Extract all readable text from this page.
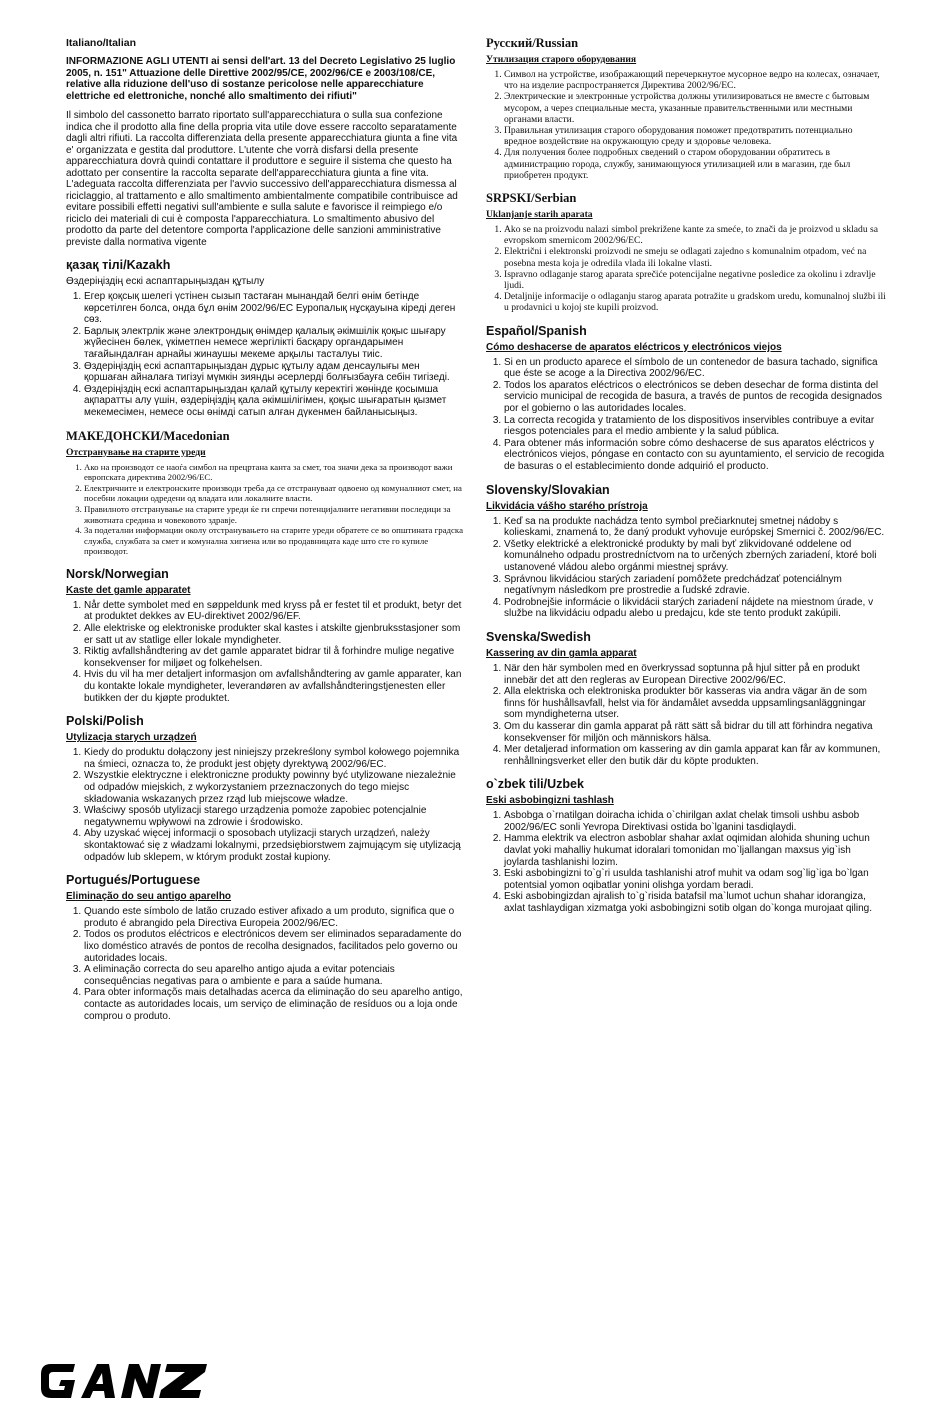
Italiano/Italian
INFORMAZIONE AGLI UTENTI ai sensi dell'art. 13 del Decreto Legislativo 25 luglio 2005, n. 151" Attuazione delle Direttive 2002/95/CE, 2002/96/CE e 2003/108/CE, relative alla riduzione dell'uso di sostanze pericolose nelle apparecchiature elettriche ed elettroniche, nonché allo smaltimento dei rifiuti"

Il simbolo del cassonetto barrato riportato sull'apparecchiatura o sulla sua confezione indica che il prodotto alla fine della propria vita utile dove essere raccolto separatamente dagli altri rifiuti. La raccolta differenziata della presente apparecchiatura giunta a fine vita e' organizzata e gestita dal produttore. L'utente che vorrà disfarsi della presente apparecchiatura dovrà quindi contattare il produttore e seguire il sistema che questo ha adottato per consentire la raccolta separate dell'apparecchiatura giunta a fine vita. L'adeguata raccolta differenziata per l'avvio successivo dell'apparecchiatura dismessa al riciclaggio, al trattamento e allo smaltimento ambientalmente compatibile contribuisce ad evitare possibili effetti negativi sull'ambiente e sulla salute e favorisce il reimpiego e/o riciclo dei materiali di cui è composta l'apparecchiatura. Lo smaltimento abusivo del prodotto da parte del detentore comporta l'applicazione delle sanzioni amministrative previste dalla normativa vigente

қазақ тілі/Kazakh
Өздерiңiздiң ескi аспаптарыңыздан құтылу
1. Егер қоқсық шелегi үстiнен сызып тастаған мынандай белгi өнiм бетiнде көрсетiлген болса, онда бұл өнiм 2002/96/EC Еуропалық нұсқауына кiредi деген сөз.
2. Барлық электрлiк және электрондық өнiмдер қалалық әкiмшiлiк қоқыс шығару жүйесiнен бөлек, үкiметпен немесе жергiлiктi басқару органдарымен тағайындалған арнайы жинаушы мекеме арқылы тасталуы тиiс.
3. Өздерiңiздiң ескi аспаптарыңыздан дұрыс құтылу адам денсаулығы мен қоршаған айналаға тигiзуi мүмкiн зиянды әсерлердi болғызбауға себiн тигiзедi.
4. Өздерiңiздiң ескi аспаптарыңыздан қалай құтылу керектiгi жөнiнде қосымша ақпаратты алу үшiн, өздерiңiздiң қала әкiмшiлiгiмен, қоқыс шығаратын қызмет мекемесiмен, немесе осы өнiмдi сатып алған дүкенмен байланысыңыз.
МАКЕДОНСКИ/Macedonian
Отстранување на старите уреди
1. Ако на производот се наоѓа симбол на прецртана канта за смет, тоа значи дека за производот важи европската директива 2002/96/ЕС.
2. Електричните и електронските производи треба да се отстрануваат одвоено од комуналниот смет, на посебни локации одредени од владата или локалните власти.
3. Правилното отстранување на старите уреди ќе ги спречи потенцијалните негативни последици за животната средина и човековото здравје.
4. За подетални информации околу отстранувањето на старите уреди обратете се во општината градска служба, службата за смет и комунална хигиена или во продавницата каде што сте го купиле производот.
Norsk/Norwegian
Kaste det gamle apparatet
1. Når dette symbolet med en søppeldunk med kryss på er festet til et produkt, betyr det at produktet dekkes av EU-direktivet 2002/96/EF.
2. Alle elektriske og elektroniske produkter skal kastes i atskilte gjenbruksstasjoner som er satt ut av statlige eller lokale myndigheter.
3. Riktig avfallshåndtering av det gamle apparatet bidrar til å forhindre mulige negative konsekvenser for miljøet og folkehelsen.
4. Hvis du vil ha mer detaljert informasjon om avfallshåndtering av gamle apparater, kan du kontakte lokale myndigheter, leverandøren av avfallshåndteringstjenesten eller butikken der du kjøpte produktet.
Polski/Polish
Utylizacja starych urządzeń
1. Kiedy do produktu dołączony jest niniejszy przekreślony symbol kołowego pojemnika na śmieci, oznacza to, że produkt jest objęty dyrektywą 2002/96/EC.
2. Wszystkie elektryczne i elektroniczne produkty powinny być utylizowane niezależnie od odpadów miejskich, z wykorzystaniem przeznaczonych do tego miejsc składowania wskazanych przez rząd lub miejscowe władze.
3. Właściwy sposób utylizacji starego urządzenia pomoże zapobiec potencjalnie negatywnemu wpływowi na zdrowie i środowisko.
4. Aby uzyskać więcej informacji o sposobach utylizacji starych urządzeń, należy skontaktować się z władzami lokalnymi, przedsiębiorstwem zajmującym się utylizacją odpadów lub sklepem, w którym produkt został kupiony.
Portugués/Portuguese
Eliminação do seu antigo aparelho
1. Quando este símbolo de latão cruzado estiver afixado a um produto, significa que o produto é abrangido pela Directiva Europeia 2002/96/EC.
2. Todos os produtos eléctricos e electrónicos devem ser eliminados separadamente do lixo doméstico através de pontos de recolha designados, facilitados pelo governo ou autoridades locais.
3. A eliminação correcta do seu aparelho antigo ajuda a evitar potenciais consequências negativas para o ambiente e para a saúde humana.
4. Para obter informaçõs mais detalhadas acerca da eliminação do seu aparelho antigo, contacte as autoridades locais, um serviço de eliminação de resíduos ou a loja onde comprou o produto.
Русский/Russian
Утилизация старого оборудования
1. Символ на устройстве, изображающий перечеркнутое мусорное ведро на колесах, означает, что на изделие распространяется Директива 2002/96/EC.
2. Электрические и электронные устройства должны утилизироваться не вместе с бытовым мусором, а через специальные места, указанные правительственными или местными органами власти.
3. Правильная утилизация старого оборудования поможет предотвратить потенциально вредное воздействие на окружающую среду и здоровье человека.
4. Для получения более подробных сведений о старом оборудовании обратитесь в администрацию города, службу, занимающуюся утилизацией или в магазин, где был приобретен продукт.
SRPSKI/Serbian
Uklanjanje starih aparata
1. Ako se na proizvodu nalazi simbol prekrižene kante za smeće, to znači da je proizvod u skladu sa evropskom smernicom 2002/96/EC.
2. Električni i elektronski proizvodi ne smeju se odlagati zajedno s komunalnim otpadom, već na posebna mesta koja je odredila vlada ili lokalne vlasti.
3. Ispravno odlaganje starog aparata sprečiće potencijalne negativne posledice za okolinu i zdravlje ljudi.
4. Detaljnije informacije o odlaganju starog aparata potražite u gradskom uredu, komunalnoj službi ili u prodavnici u kojoj ste kupili proizvod.
Español/Spanish
Cómo deshacerse de aparatos eléctricos y electrónicos viejos
1. Si en un producto aparece el símbolo de un contenedor de basura tachado, significa que éste se acoge a la Directiva 2002/96/EC.
2. Todos los aparatos eléctricos o electrónicos se deben desechar de forma distinta del servicio municipal de recogida de basura, a través de puntos de recogida designados por el gobierno o las autoridades locales.
3. La correcta recogida y tratamiento de los dispositivos inservibles contribuye a evitar riesgos potenciales para el medio ambiente y la salud pública.
4. Para obtener más información sobre cómo deshacerse de sus aparatos eléctricos y electrónicos viejos, póngase en contacto con su ayuntamiento, el servicio de recogida de basuras o el establecimiento donde adquirió el producto.
Slovensky/Slovakian
Likvidácia vášho starého prístroja
1. Keď sa na produkte nachádza tento symbol prečiarknutej smetnej nádoby s kolieskami, znamená to, že daný produkt vyhovuje európskej Smernici č. 2002/96/EC.
2. Všetky elektrické a elektronické produkty by mali byť zlikvidované oddelene od komunálneho odpadu prostredníctvom na to určených zberných zariadení, ktoré boli ustanovené vládou alebo orgánmi miestnej správy.
3. Správnou likvidáciou starých zariadení pomôžete predchádzať potenciálnym negatívnym následkom pre prostredie a ľudské zdravie.
4. Podrobnejšie informácie o likvidácii starých zariadení nájdete na miestnom úrade, v službe na likvidáciu odpadu alebo u predajcu, kde ste tento produkt zakúpili.
Svenska/Swedish
Kassering av din gamla apparat
1. När den här symbolen med en överkryssad soptunna på hjul sitter på en produkt innebär det att den regleras av European Directive 2002/96/EC.
2. Alla elektriska och elektroniska produkter bör kasseras via andra vägar än de som finns för hushållsavfall, helst via för ändamålet avsedda uppsamlingsanläggningar som myndigheterna utser.
3. Om du kasserar din gamla apparat på rätt sätt så bidrar du till att förhindra negativa konsekvenser för miljön och människors hälsa.
4. Mer detaljerad information om kassering av din gamla apparat kan får av kommunen, renhållningsverket eller den butik där du köpte produkten.
o`zbek tili/Uzbek
Eski asbobingizni tashlash
1. Asbobga o`rnatilgan doiracha ichida o`chirilgan axlat chelak timsoli ushbu asbob 2002/96/EC sonli Yevropa Direktivasi ostida bo`lganini tasdiqlaydi.
2. Hamma elektrik va electron asboblar shahar axlat oqimidan alohida shuning uchun davlat yoki mahalliy hukumat idoralari tomonidan mo`ljallangan maxsus yig`ish joylarda tashlanishi lozim.
3. Eski asbobingizni to`g`ri usulda tashlanishi atrof muhit va odam sog`lig`iga bo`lgan potentsial yomon oqibatlar yonini olishga yordam beradi.
4. Eski asbobingizdan ajralish to`g`risida batafsil ma`lumot uchun shahar idorangiza, axlat tashlaydigan xizmatga yoki asbobingizni sotib olgan do`konga murojaat qiling.
